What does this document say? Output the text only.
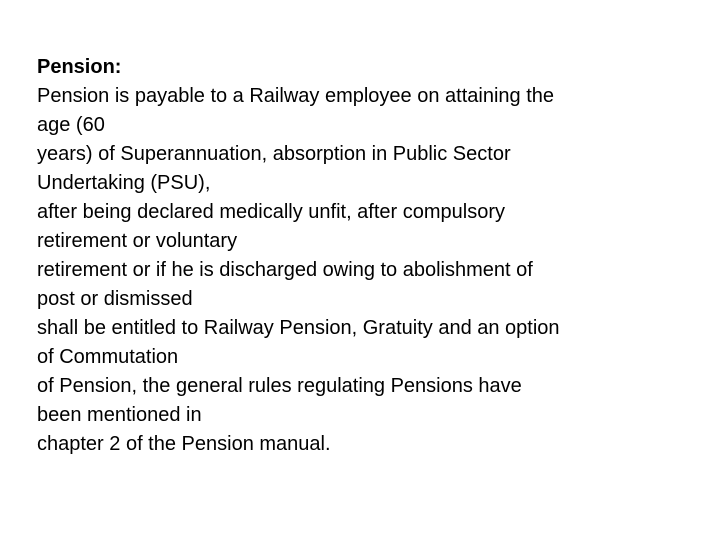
Pension:
Pension is payable to a Railway employee on attaining the
age (60
years) of Superannuation, absorption in Public Sector
Undertaking (PSU),
after being declared medically unfit, after compulsory
retirement or voluntary
retirement or if he is discharged owing to abolishment of
post or dismissed
shall be entitled to Railway Pension, Gratuity and an option
of Commutation
of Pension, the general rules regulating Pensions have
been mentioned in
chapter 2 of the Pension manual.
